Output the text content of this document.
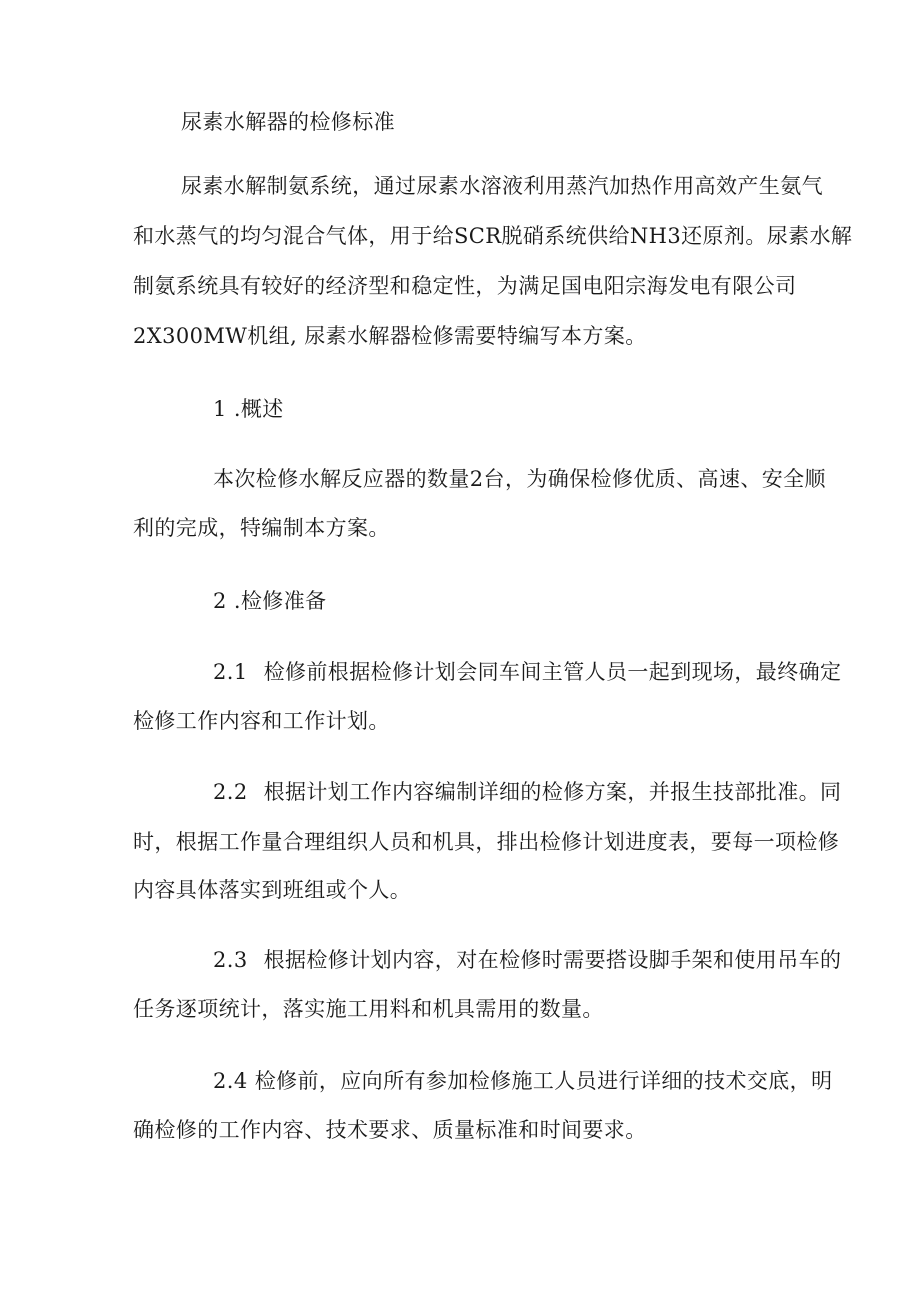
尿素水解器的检修标准
尿素水解制氨系统，通过尿素水溶液利用蒸汽加热作用高效产生氨气
和水蒸气的均匀混合气体，用于给SCR脱硝系统供给NH3还原剂。尿素水解
制氨系统具有较好的经济型和稳定性，为满足国电阳宗海发电有限公司
2X300MW机组, 尿素水解器检修需要特编写本方案。
1 .概述
本次检修水解反应器的数量2台，为确保检修优质、高速、安全顺
利的完成，特编制本方案。
2 .检修准备
2.1 检修前根据检修计划会同车间主管人员一起到现场，最终确定
检修工作内容和工作计划。
2.2 根据计划工作内容编制详细的检修方案，并报生技部批准。同
时，根据工作量合理组织人员和机具，排出检修计划进度表，要每一项检修
内容具体落实到班组或个人。
2.3 根据检修计划内容，对在检修时需要搭设脚手架和使用吊车的
任务逐项统计，落实施工用料和机具需用的数量。
2.4 检修前，应向所有参加检修施工人员进行详细的技术交底，明
确检修的工作内容、技术要求、质量标准和时间要求。
